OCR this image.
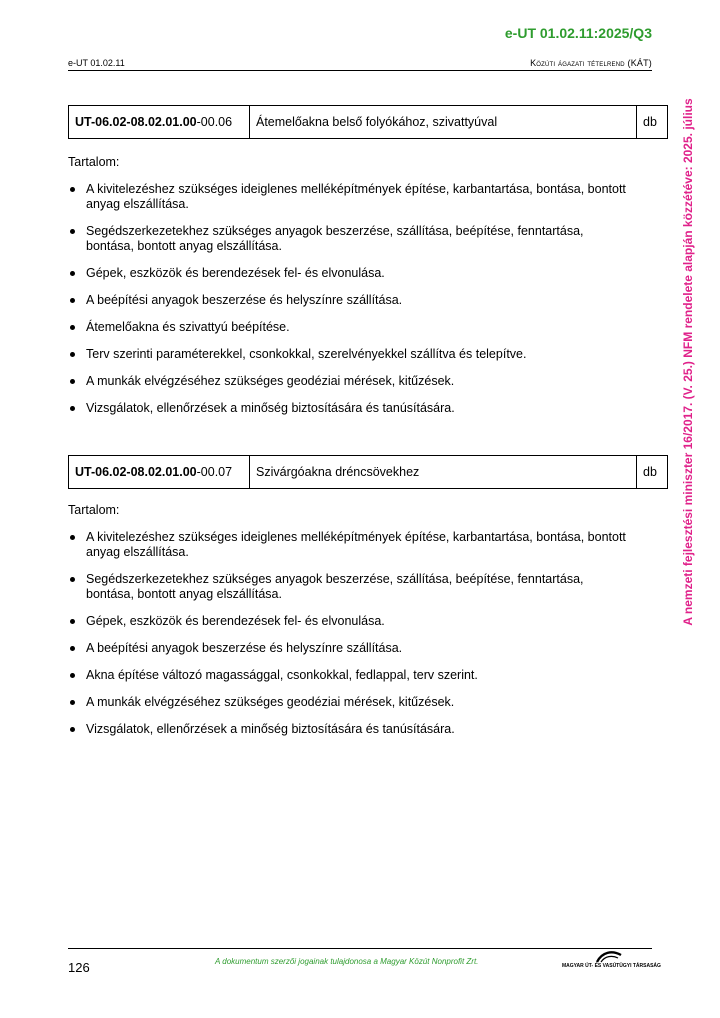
e-UT 01.02.11:2025/Q3
e-UT 01.02.11	Közúti ágazati tételrend (KÁT)
A nemzeti fejlesztési miniszter 16/2017. (V. 25.) NFM rendelete alapján közzétéve: 2025. július
UT-06.02-08.02.01.00-00.06	Átemelőakna belső folyókához, szivattyúval	db
Tartalom:
A kivitelezéshez szükséges ideiglenes melléképítmények építése, karbantartása, bontása, bontott anyag elszállítása.
Segédszerkezetekhez szükséges anyagok beszerzése, szállítása, beépítése, fenntartása, bontása, bontott anyag elszállítása.
Gépek, eszközök és berendezések fel- és elvonulása.
A beépítési anyagok beszerzése és helyszínre szállítása.
Átemelőakna és szivattyú beépítése.
Terv szerinti paraméterekkel, csonkokkal, szerelvényekkel szállítva és telepítve.
A munkák elvégzéséhez szükséges geodéziai mérések, kitűzések.
Vizsgálatok, ellenőrzések a minőség biztosítására és tanúsítására.
UT-06.02-08.02.01.00-00.07	Szivárgóakna dréncsövekhez	db
Tartalom:
A kivitelezéshez szükséges ideiglenes melléképítmények építése, karbantartása, bontása, bontott anyag elszállítása.
Segédszerkezetekhez szükséges anyagok beszerzése, szállítása, beépítése, fenntartása, bontása, bontott anyag elszállítása.
Gépek, eszközök és berendezések fel- és elvonulása.
A beépítési anyagok beszerzése és helyszínre szállítása.
Akna építése változó magassággal, csonkokkal, fedlappal, terv szerint.
A munkák elvégzéséhez szükséges geodéziai mérések, kitűzések.
Vizsgálatok, ellenőrzések a minőség biztosítására és tanúsítására.
126	A dokumentum szerzői jogainak tulajdonosa a Magyar Közút Nonprofit Zrt.	MAGYAR ÚT- ÉS VASÚTÜGYI TÁRSASÁG
